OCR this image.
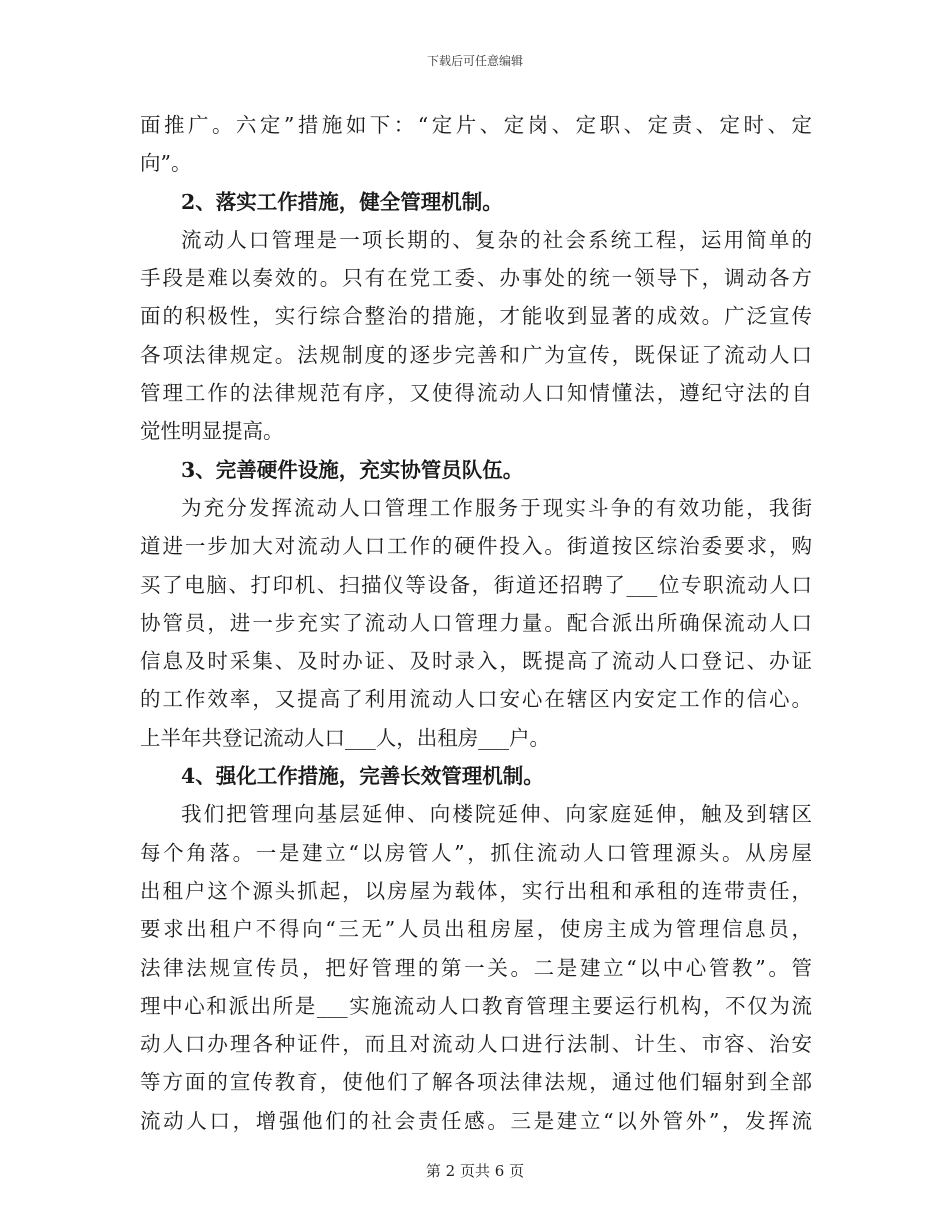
下载后可任意编辑
面推广。六定”措施如下：“定片、定岗、定职、定责、定时、定
向”。
2、落实工作措施，健全管理机制。
流动人口管理是一项长期的、复杂的社会系统工程，运用简单的
手段是难以奏效的。只有在党工委、办事处的统一领导下，调动各方
面的积极性，实行综合整治的措施，才能收到显著的成效。广泛宣传
各项法律规定。法规制度的逐步完善和广为宣传，既保证了流动人口
管理工作的法律规范有序，又使得流动人口知情懂法，遵纪守法的自
觉性明显提高。
3、完善硬件设施，充实协管员队伍。
为充分发挥流动人口管理工作服务于现实斗争的有效功能，我街
道进一步加大对流动人口工作的硬件投入。街道按区综治委要求，购
买了电脑、打印机、扫描仪等设备，街道还招聘了___位专职流动人口
协管员，进一步充实了流动人口管理力量。配合派出所确保流动人口
信息及时采集、及时办证、及时录入，既提高了流动人口登记、办证
的工作效率，又提高了利用流动人口安心在辖区内安定工作的信心。
上半年共登记流动人口___人，出租房___户。
4、强化工作措施，完善长效管理机制。
我们把管理向基层延伸、向楼院延伸、向家庭延伸，触及到辖区
每个角落。一是建立“以房管人”，抓住流动人口管理源头。从房屋
出租户这个源头抓起，以房屋为载体，实行出租和承租的连带责任，
要求出租户不得向“三无”人员出租房屋，使房主成为管理信息员，
法律法规宣传员，把好管理的第一关。二是建立“以中心管教”。管
理中心和派出所是___实施流动人口教育管理主要运行机构，不仅为流
动人口办理各种证件，而且对流动人口进行法制、计生、市容、治安
等方面的宣传教育，使他们了解各项法律法规，通过他们辐射到全部
流动人口，增强他们的社会责任感。三是建立“以外管外”，发挥流
第 2 页共 6 页
